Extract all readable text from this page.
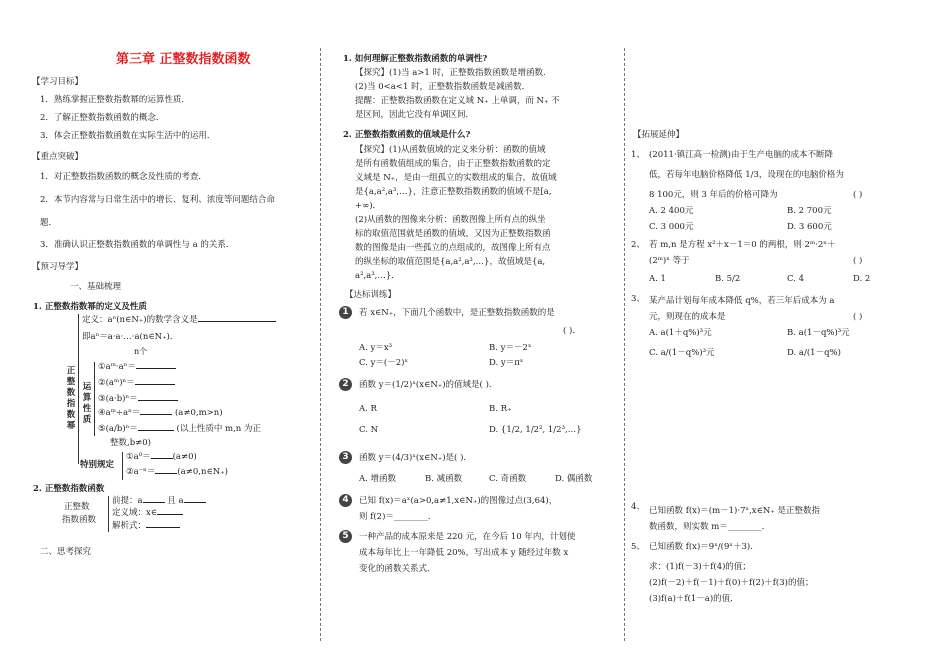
第三章 正整数指数函数
【学习目标】
1．熟练掌握正整数指数幂的运算性质．
2．了解正整数指数函数的概念．
3．体会正整数指数函数在实际生活中的运用．
【重点突破】
1．对正整数指数函数的概念及性质的考查．
2．本节内容常与日常生活中的增长、复利、浓度等问题结合命
题．
3．准确认识正整数指数函数的单调性与 a 的关系．
【预习导学】
一、基础梳理
1. 正整数指数幂的定义及性质
正整数指数幂
定义：aⁿ(n∈N₊)的数学含义是
即aⁿ＝a·a·…·a(n∈N₊)．
n个
运算性质
①aᵐ·aⁿ＝
②(aᵐ)ⁿ＝
③(a·b)ⁿ＝
④aᵐ÷aⁿ＝	(a≠0,m>n)
⑤(a/b)ⁿ＝	(以上性质中 m,n 为正
整数,b≠0)
特别规定
①a⁰＝	(a≠0)
②a⁻ⁿ＝	(a≠0,n∈N₊)
2. 正整数指数函数
正整数
指数函数
前提：a	且 a
定义域：x∈
解析式：
二、思考探究
1. 如何理解正整数指数函数的单调性?
【探究】(1)当 a>1 时，正整数指数函数是增函数．
(2)当 0<a<1 时，正整数指数函数是减函数．
提醒：正整数指数函数在定义域 N₊ 上单调，而 N₊ 不
是区间，因此它没有单调区间．
2. 正整数指数函数的值域是什么?
【探究】(1)从函数值域的定义来分析：函数的值域
是所有函数值组成的集合，由于正整数指数函数的定
义域是 N₊，是由一组孤立的实数组成的集合，故值域
是{a,a²,a³,…}，注意正整数指数函数的值域不是[a,
+∞)．
(2)从函数的图像来分析：函数图像上所有点的纵坐
标的取值范围就是函数的值域，又因为正整数指数函
数的图像是由一些孤立的点组成的，故图像上所有点
的纵坐标的取值范围是{a,a²,a³,…}，故值域是{a,
a²,a³,…}．
【达标训练】
1	若 x∈N₊，下面几个函数中，是正整数指数函数的是
( )．
A. y＝x³	B. y＝－2ˣ
C. y＝(－2)ˣ	D. y＝πˣ
2	函数 y＝(1/2)ˣ(x∈N₊)的值域是( )．
A. R	B. R₊
C. N	D. {1/2, 1/2², 1/2³,…}
3	函数 y＝(4/3)ˣ(x∈N₊)是( )．
A. 增函数	B. 减函数	C. 奇函数	D. 偶函数
4	已知 f(x)＝aˣ(a>0,a≠1,x∈N₊)的图像过点(3,64)，
则 f(2)＝________．
5	一种产品的成本原来是 220 元，在今后 10 年内，计划使
成本每年比上一年降低 20%，写出成本 y 随经过年数 x
变化的函数关系式．
【拓展延伸】
1、 (2011·镇江高一检测)由于生产电脑的成本不断降
低，若每年电脑价格降低 1/3，设现在的电脑价格为
8 100元，则 3 年后的价格可降为	( )
A. 2 400元	B. 2 700元
C. 3 000元	D. 3 600元
2、 若 m,n 是方程 x²＋x－1＝0 的两根，则 2ᵐ·2ⁿ＋
(2ᵐ)ⁿ 等于	( )
A. 1	B. 5/2	C. 4	D. 2
3、 某产品计划每年成本降低 q%，若三年后成本为 a
元，则现在的成本是	( )
A. a(1＋q%)³元	B. a(1－q%)³元
C. a/(1－q%)³元	D. a/(1－q%)
4、 已知函数 f(x)＝(m－1)·7ˣ,x∈N₊ 是正整数指
数函数，则实数 m＝________．
5、 已知函数 f(x)＝9ˣ/(9ˣ＋3)．
求：(1)f(－3)＋f(4)的值；
(2)f(－2)＋f(－1)＋f(0)＋f(2)＋f(3)的值；
(3)f(a)＋f(1－a)的值．
